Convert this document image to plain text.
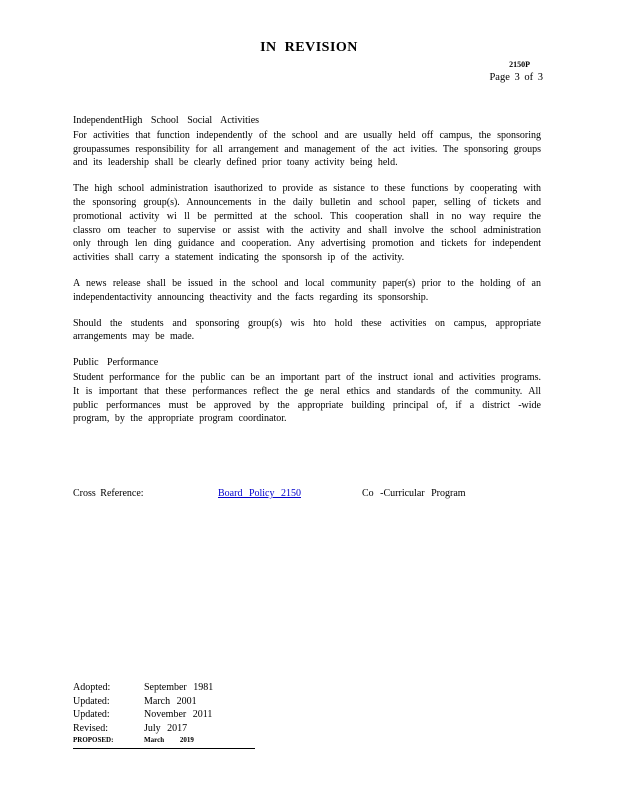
IN REVISION
2150P
Page 3 of 3
IndependentHigh School Social Activities

For activities that function independently of the school and are usually held off campus, the sponsoring groupassumes responsibility for all arrangement and management of the act ivities. The sponsoring groups and its leadership shall be clearly defined prior toany activity being held.

The high school administration isauthorized to provide as sistance to these functions by cooperating with the sponsoring group(s). Announcements in the daily bulletin and school paper, selling of tickets and promotional activity wi ll be permitted at the school. This cooperation shall in no way require the classro om teacher to supervise or assist with the activity and shall involve the school administration only through len ding guidance and cooperation. Any advertising promotion and tickets for independent activities shall carry a statement indicating the sponsorsh ip of the activity.

A news release shall be issued in the school and local community paper(s) prior to the holding of an independentactivity announcing theactivity and the facts regarding its sponsorship.

Should the students and sponsoring group(s) wis hto hold these activities on campus, appropriate arrangements may be made.

Public Performance

Student performance for the public can be an important part of the instruct ional and activities programs. It is important that these performances reflect the ge neral ethics and standards of the community. All public performances must be approved by the appropriate building principal of, if a district -wide program, by the appropriate program coordinator.

Cross Reference:	Board Policy 2150	Co -Curricular Program
Adopted:	September 1981
Updated:	March 2001
Updated:	November 2011
Revised:	July 2017
PROPOSED:	March 2019
